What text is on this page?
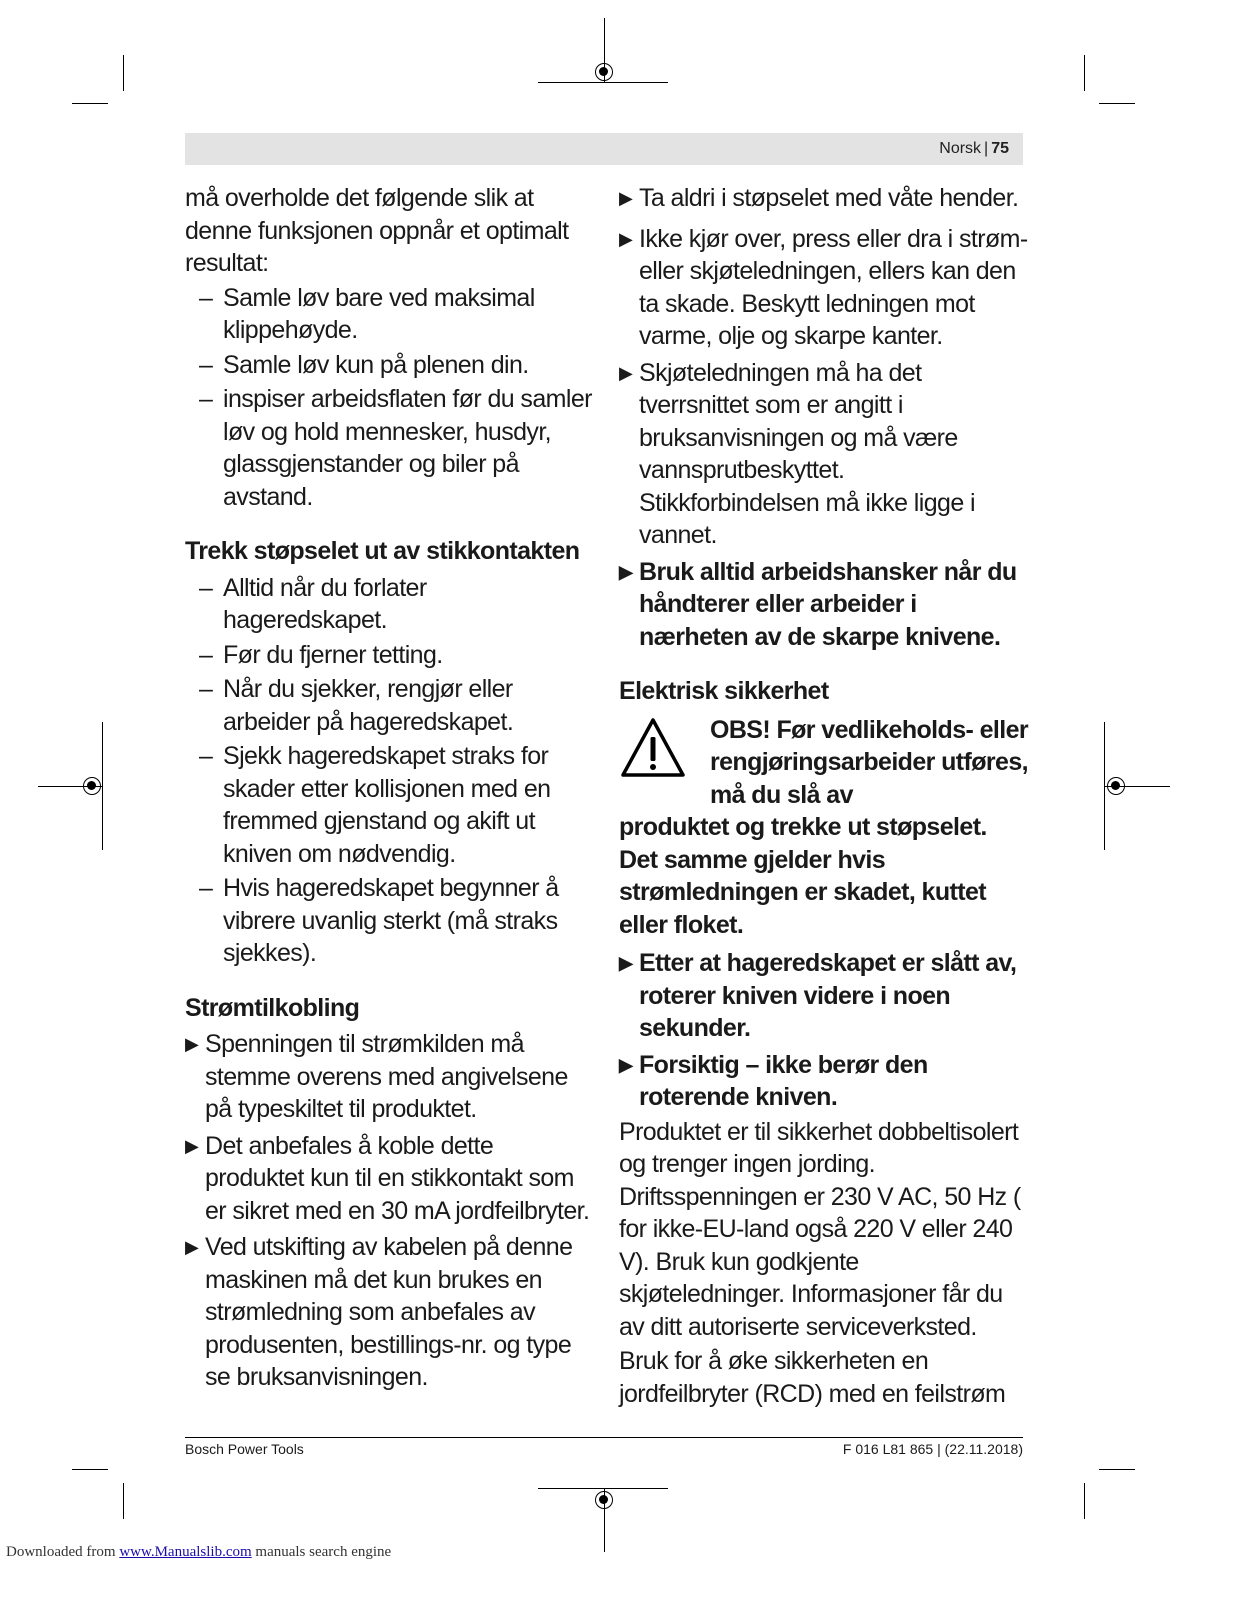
Norsk | 75

må overholde det følgende slik at denne funksjonen oppnår et optimalt resultat:

– Samle løv bare ved maksimal klippehøyde.
– Samle løv kun på plenen din.
– inspiser arbeidsflaten før du samler løv og hold mennesker, husdyr, glassgjenstander og biler på avstand.

Trekk støpselet ut av stikkontakten

– Alltid når du forlater hageredskapet.
– Før du fjerner tetting.
– Når du sjekker, rengjør eller arbeider på hageredskapet.
– Sjekk hageredskapet straks for skader etter kollisjonen med en fremmed gjenstand og akift ut kniven om nødvendig.
– Hvis hageredskapet begynner å vibrere uvanlig sterkt (må straks sjekkes).

Strømtilkobling

▶ Spenningen til strømkilden må stemme overens med angivelsene på typeskiltet til produktet.
▶ Det anbefales å koble dette produktet kun til en stikkontakt som er sikret med en 30 mA jordfeilbryter.
▶ Ved utskifting av kabelen på denne maskinen må det kun brukes en strømledning som anbefales av produsenten, bestillings-nr. og type se bruksanvisningen.
▶ Ta aldri i støpselet med våte hender.
▶ Ikke kjør over, press eller dra i strøm- eller skjøteledningen, ellers kan den ta skade. Beskytt ledningen mot varme, olje og skarpe kanter.
▶ Skjøteledningen må ha det tverrsnittet som er angitt i bruksanvisningen og må være vannsprutbeskyttet. Stikkforbindelsen må ikke ligge i vannet.
▶ Bruk alltid arbeidshansker når du håndterer eller arbeider i nærheten av de skarpe knivene.

Elektrisk sikkerhet

OBS! Før vedlikeholds- eller rengjøringsarbeider utføres, må du slå av

produktet og trekke ut støpselet. Det samme gjelder hvis strømledningen er skadet, kuttet eller floket.

▶ Etter at hageredskapet er slått av, roterer kniven videre i noen sekunder.
▶ Forsiktig – ikke berør den roterende kniven.

Produktet er til sikkerhet dobbeltisolert og trenger ingen jording. Driftsspenningen er 230 V AC, 50 Hz ( for ikke-EU-land også 220 V eller 240 V). Bruk kun godkjente skjøteledninger. Informasjoner får du av ditt autoriserte serviceverksted.

Bruk for å øke sikkerheten en jordfeilbryter (RCD) med en feilstrøm

Bosch Power Tools	F 016 L81 865 | (22.11.2018)
Downloaded from www.Manualslib.com manuals search engine
